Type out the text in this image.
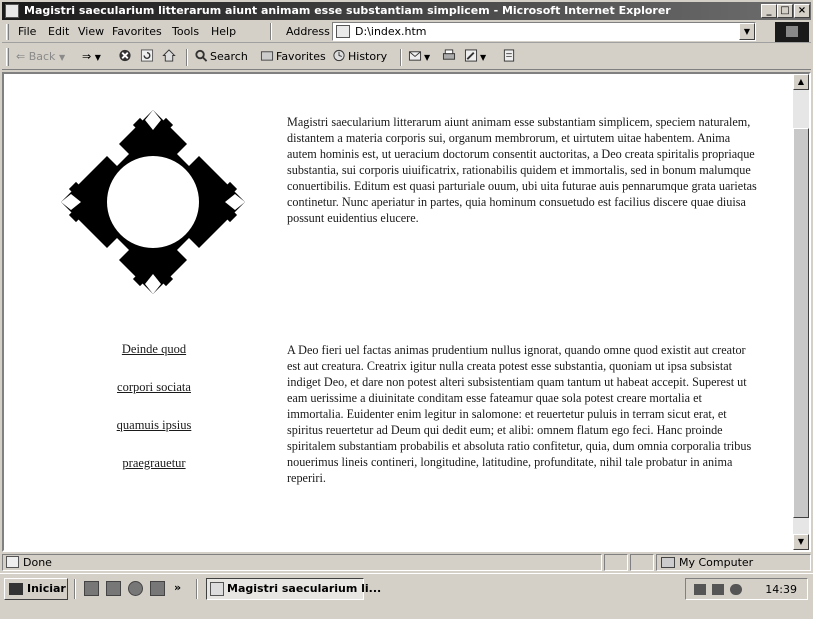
Magistri saecularium litterarum aiunt animam esse substantiam simplicem - Microsoft Internet Explorer	_ □ ×
File Edit View Favorites Tools Help	Address D:\index.htm	▼
⇐ Back ▼ ⇒ ▼	Search	Favorites	History	▼	▼
Magistri saecularium litterarum aiunt animam esse substantiam simplicem, speciem naturalem, distantem a materia corporis sui, organum membrorum, et uirtutem uitae habentem. Anima autem hominis est, ut ueracium doctorum consentit auctoritas, a Deo creata spiritalis propriaque substantia, sui corporis uiuificatrix, rationabilis quidem et immortalis, sed in bonum malumque conuertibilis. Editum est quasi parturiale ouum, ubi uita futurae auis pennarumque grata uarietas continetur. Nunc aperiatur in partes, quia hominum consuetudo est facilius discere quae diuisa possunt euidentius elucere.
Deinde quod
corpori sociata
quamuis ipsius
praegrauetur
A Deo fieri uel factas animas prudentium nullus ignorat, quando omne quod existit aut creator est aut creatura. Creatrix igitur nulla creata potest esse substantia, quoniam ut ipsa subsistat indiget Deo, et dare non potest alteri subsistentiam quam tantum ut habeat accepit. Superest ut eam uerissime a diuinitate conditam esse fateamur quae sola potest creare mortalia et immortalia. Euidenter enim legitur in salomone: et reuertetur puluis in terram sicut erat, et spiritus reuertetur ad Deum qui dedit eum; et alibi: omnem flatum ego feci. Hanc proinde spiritalem substantiam probabilis et absoluta ratio confitetur, quia, dum omnia corporalia tribus nouerimus lineis contineri, longitudine, latitudine, profunditate, nihil tale probatur in anima reperiri.
▲
▼
Done	My Computer
Iniciar	»	Magistri saecularium li...	14:39
